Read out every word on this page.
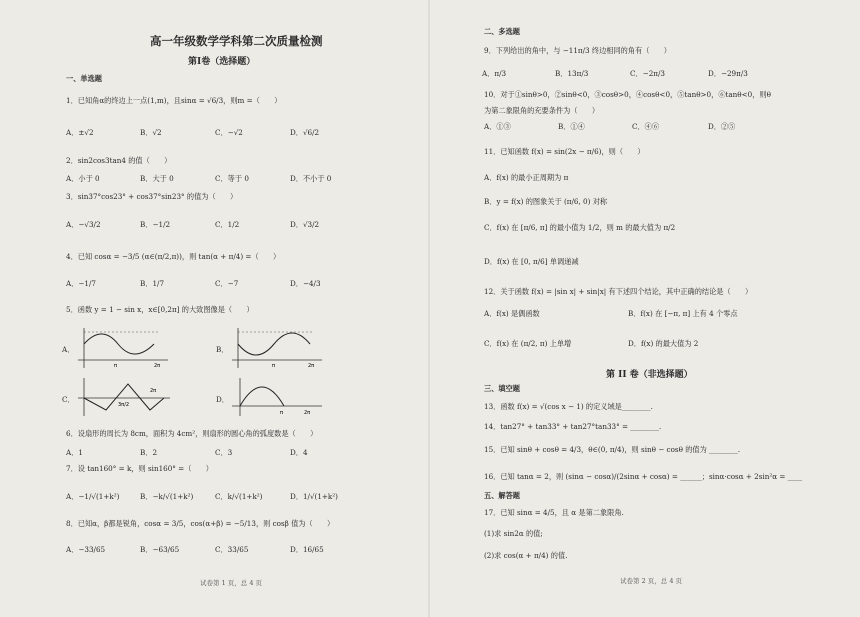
高一年级数学学科第二次质量检测
第Ⅰ卷（选择题）
一、单选题
1．已知角α的终边上一点(1,m)，且sinα = √6/3，则m =（　　）
A．±√2	B．√2	C．−√2	D．√6/2
2．sin2cos3tan4 的值（　　）
A．小于 0	B．大于 0	C．等于 0	D．不小于 0
3．sin37°cos23° + cos37°sin23° 的值为（　　）
A．−√3/2	B．−1/2	C．1/2	D．√3/2
4．已知 cosα = −3/5 (α∈(π/2,π))，则 tan(α + π/4) =（　　）
A．−1/7	B．1/7	C．−7	D．−4/3
5．函数 y = 1 − sin x，x∈[0,2π] 的大致图像是（　　）
A．
2π
π
B．
2π
π
C．
2π
3π/2
D．
π	2π
6．设扇形的周长为 8cm，面积为 4cm²，则扇形的圆心角的弧度数是（　　）
A．1	B．2	C．3	D．4
7．设 tan160° = k，则 sin160° =（　　）
A．−1/√(1+k²)	B．−k/√(1+k²)	C．k/√(1+k²)	D．1/√(1+k²)
8．已知α，β都是锐角，cosα = 3/5，cos(α+β) = −5/13，则 cosβ 值为（　　）
A．−33/65	B．−63/65	C．33/65	D．16/65
试卷第 1 页，总 4 页
二、多选题
9．下列给出的角中，与 −11π/3 终边相同的角有（　　）
A．π/3	B．13π/3	C．−2π/3	D．−29π/3
10．对于①sinθ>0，②sinθ<0，③cosθ>0，④cosθ<0，⑤tanθ>0，⑥tanθ<0，则θ
为第二象限角的充要条件为（　　）
A．①③	B．①④	C．④⑥	D．②⑤
11．已知函数 f(x) = sin(2x − π/6)，则（　　）
A．f(x) 的最小正周期为 π
B．y = f(x) 的图象关于 (π/6, 0) 对称
C．f(x) 在 [π/6, π] 的最小值为 1/2，则 m 的最大值为 π/2
D．f(x) 在 [0, π/6] 单调递减
12．关于函数 f(x) = |sin x| + sin|x| 有下述四个结论，其中正确的结论是（　　）
A．f(x) 是偶函数	B．f(x) 在 [−π, π] 上有 4 个零点
C．f(x) 在 (π/2, π) 上单增	D．f(x) 的最大值为 2
第 II 卷（非选择题）
三、填空题
13．函数 f(x) = √(cos x − 1) 的定义域是________.
14．tan27° + tan33° + tan27°tan33° = ________.
15．已知 sinθ + cosθ = 4/3，θ∈(0, π/4)，则 sinθ − cosθ 的值为 ________.
16．已知 tanα = 2，则 (sinα − cosα)/(2sinα + cosα) = ______；sinα·cosα + 2sin²α = ____
五、解答题
17．已知 sinα = 4/5，且 α 是第二象限角.
(1)求 sin2α 的值;
(2)求 cos(α + π/4) 的值.
试卷第 2 页，总 4 页
